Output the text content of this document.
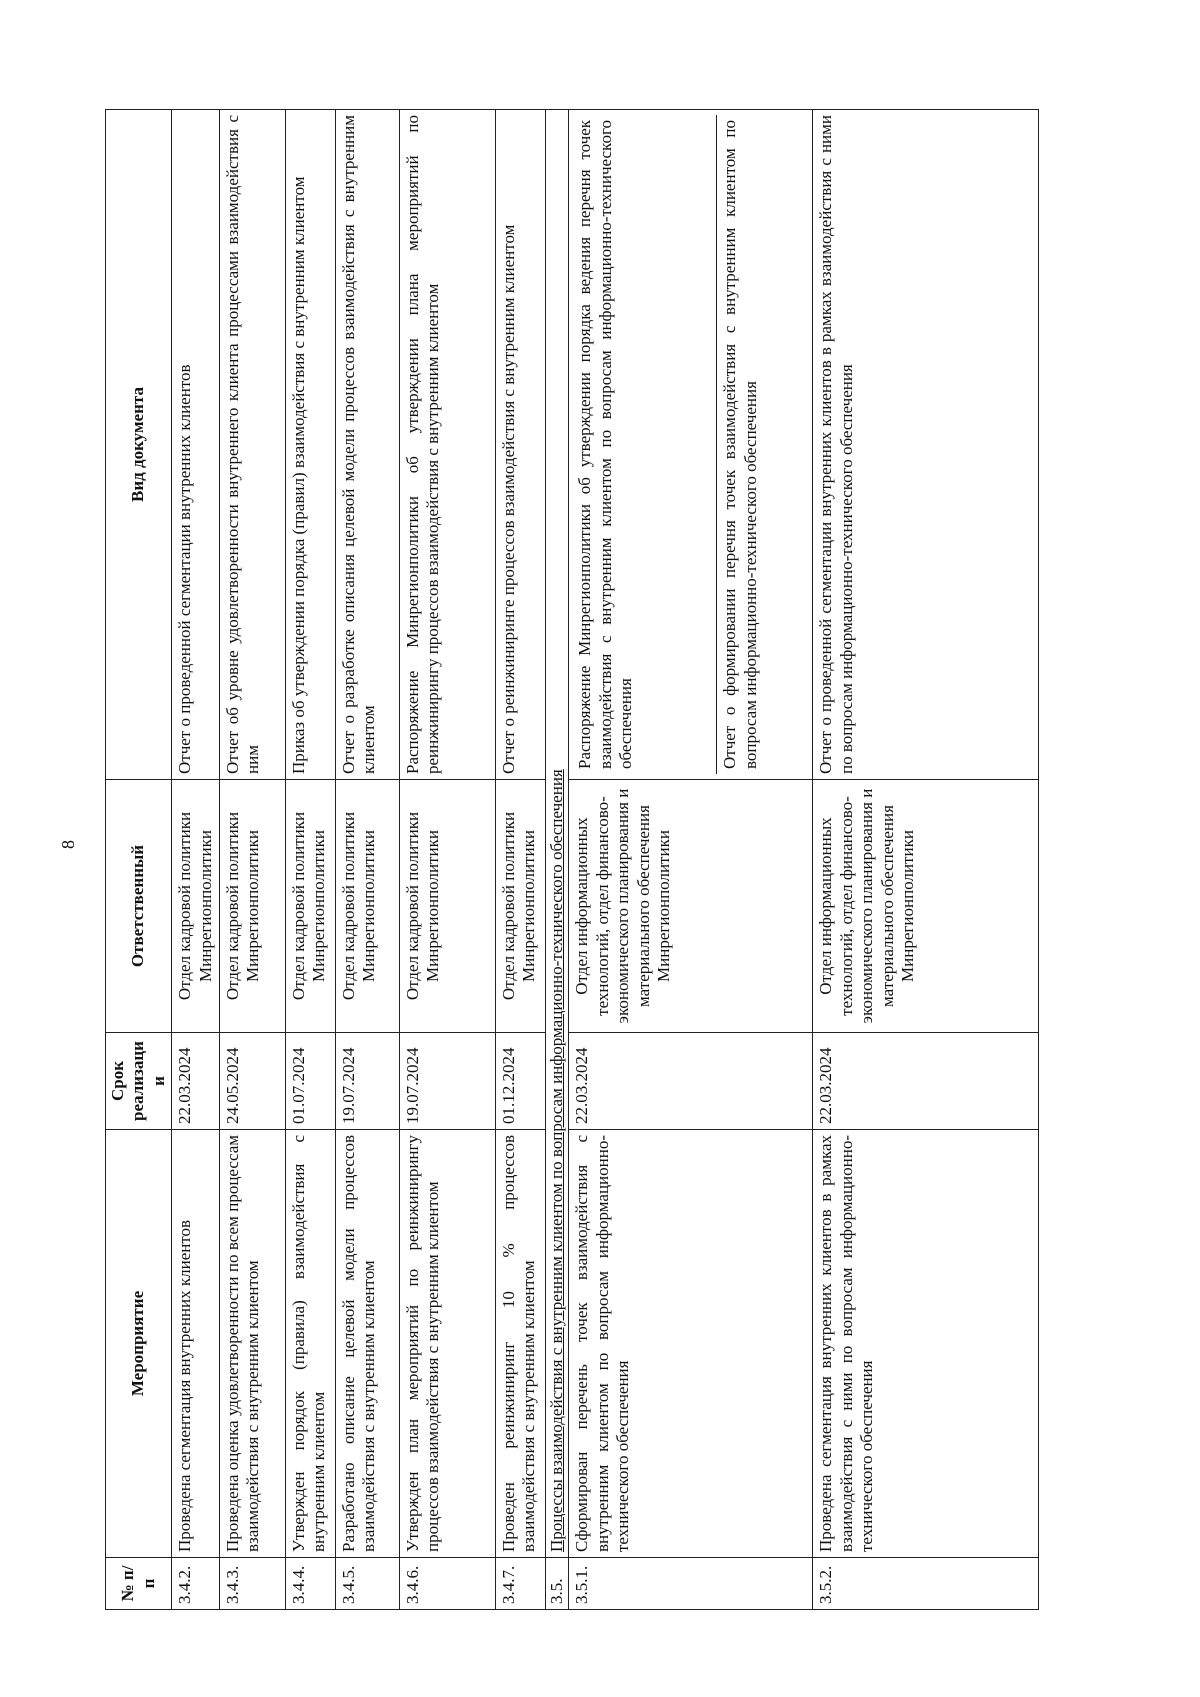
8
№ п/п	Мероприятие	Срок реализации	Ответственный	Вид документа
3.4.2.	Проведена сегментация внутренних клиентов	22.03.2024	Отдел кадровой политики Минрегионполитики	Отчет о проведенной сегментации внутренних клиентов
3.4.3.	Проведена оценка удовлетворенности по всем процессам взаимодействия с внутренним клиентом	24.05.2024	Отдел кадровой политики Минрегионполитики	Отчет об уровне удовлетворенности внутреннего клиента процессами взаимодействия с ним
3.4.4.	Утвержден порядок (правила) взаимодействия с внутренним клиентом	01.07.2024	Отдел кадровой политики Минрегионполитики	Приказ об утверждении порядка (правил) взаимодействия с внутренним клиентом
3.4.5.	Разработано описание целевой модели процессов взаимодействия с внутренним клиентом	19.07.2024	Отдел кадровой политики Минрегионполитики	Отчет о разработке описания целевой модели процессов взаимодействия с внутренним клиентом
3.4.6.	Утвержден план мероприятий по реинжинирингу процессов взаимодействия с внутренним клиентом	19.07.2024	Отдел кадровой политики Минрегионполитики	Распоряжение Минрегионполитики об утверждении плана мероприятий по реинжинирингу процессов взаимодействия с внутренним клиентом
3.4.7.	Проведен реинжиниринг 10 % процессов взаимодействия с внутренним клиентом	01.12.2024	Отдел кадровой политики Минрегионполитики	Отчет о реинжиниринге процессов взаимодействия с внутренним клиентом
3.5.	Процессы взаимодействия с внутренним клиентом по вопросам информационно-технического обеспечения			
3.5.1.	Сформирован перечень точек взаимодействия с внутренним клиентом по вопросам информационно-технического обеспечения	22.03.2024	Отдел информационных технологий, отдел финансово-экономического планирования и материального обеспечения Минрегионполитики	Распоряжение Минрегионполитики об утверждении порядка ведения перечня точек взаимодействия с внутренним клиентом по вопросам информационно-технического обеспечения Отчет о формировании перечня точек взаимодействия с внутренним клиентом по вопросам информационно-технического обеспечения

3.5.2.	Проведена сегментация внутренних клиентов в рамках взаимодействия с ними по вопросам информационно-технического обеспечения	22.03.2024	Отдел информационных технологий, отдел финансово-экономического планирования и материального обеспечения Минрегионполитики	Отчет о проведенной сегментации внутренних клиентов в рамках взаимодействия с ними по вопросам информационно-технического обеспечения
